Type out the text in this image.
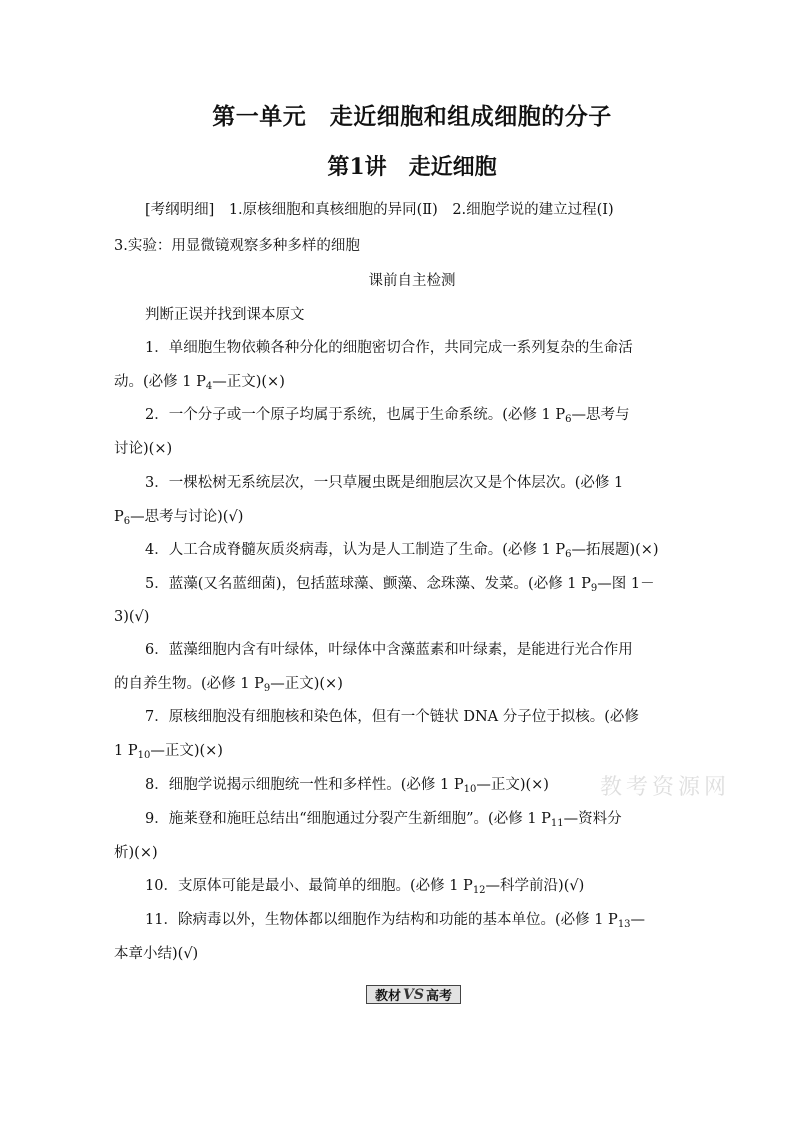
第一单元　走近细胞和组成细胞的分子
第1讲　走近细胞
[考纲明细]　1.原核细胞和真核细胞的异同(Ⅱ)　2.细胞学说的建立过程(Ⅰ)
3.实验：用显微镜观察多种多样的细胞
课前自主检测
判断正误并找到课本原文
1．单细胞生物依赖各种分化的细胞密切合作，共同完成一系列复杂的生命活
动。(必修 1 $P_4—$正文)(×)
2．一个分子或一个原子均属于系统，也属于生命系统。(必修 1 $P_6—$思考与
讨论)(×)
3．一棵松树无系统层次，一只草履虫既是细胞层次又是个体层次。(必修 1
$P_6—$思考与讨论)(√)
4．人工合成脊髓灰质炎病毒，认为是人工制造了生命。(必修 1 $P_6—$拓展题)(×)
5．蓝藻(又名蓝细菌)，包括蓝球藻、颤藻、念珠藻、发菜。(必修 1 $P_9—$图 1－
3)(√)
6．蓝藻细胞内含有叶绿体，叶绿体中含藻蓝素和叶绿素，是能进行光合作用
的自养生物。(必修 1 $P_9—$正文)(×)
7．原核细胞没有细胞核和染色体，但有一个链状 DNA 分子位于拟核。(必修
1 $P_{10}—$正文)(×)
8．细胞学说揭示细胞统一性和多样性。(必修 1 $P_{10}—$正文)(×)
9．施莱登和施旺总结出“细胞通过分裂产生新细胞”。(必修 1 $P_{11}—$资料分
析)(×)
10．支原体可能是最小、最简单的细胞。(必修 1 $P_{12}—$科学前沿)(√)
11．除病毒以外，生物体都以细胞作为结构和功能的基本单位。(必修 1 $P_{13}—$
本章小结)(√)
教考资源网
教材 VS 高考
